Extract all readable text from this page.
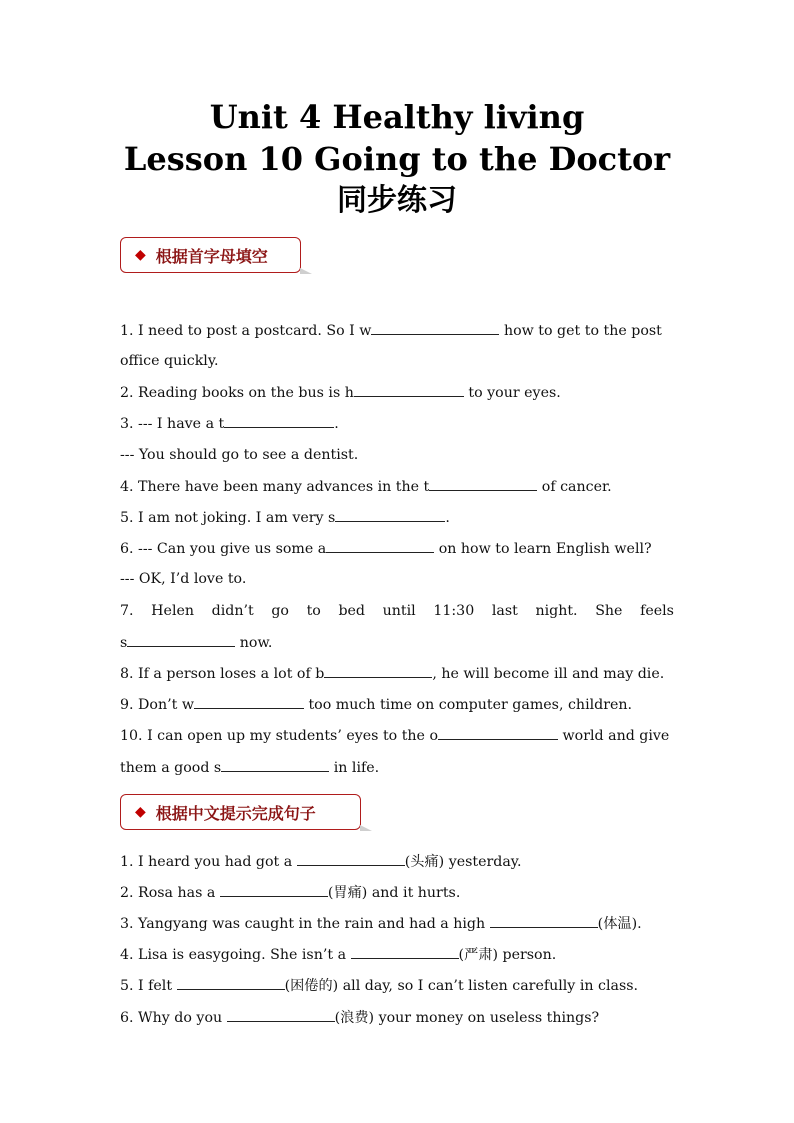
Unit 4 Healthy living
Lesson 10 Going to the Doctor
同步练习
◆ 根据首字母填空
1. I need to post a postcard. So I w	how to get to the post
office quickly.
2. Reading books on the bus is h	to your eyes.
3. --- I have a t	.
--- You should go to see a dentist.
4. There have been many advances in the t	of cancer.
5. I am not joking. I am very s	.
6. --- Can you give us some a	on how to learn English well?
--- OK, I’d love to.
7. Helen didn’t go to bed until 11:30 last night. She feels
s	now.
8. If a person loses a lot of b	, he will become ill and may die.
9. Don’t w	too much time on computer games, children.
10. I can open up my students’ eyes to the o	world and give
them a good s	in life.
◆ 根据中文提示完成句子
1. I heard you had got a	(头痛) yesterday.
2. Rosa has a	(胃痛) and it hurts.
3. Yangyang was caught in the rain and had a high	(体温).
4. Lisa is easygoing. She isn’t a	(严肃) person.
5. I felt	(困倦的) all day, so I can’t listen carefully in class.
6. Why do you	(浪费) your money on useless things?
